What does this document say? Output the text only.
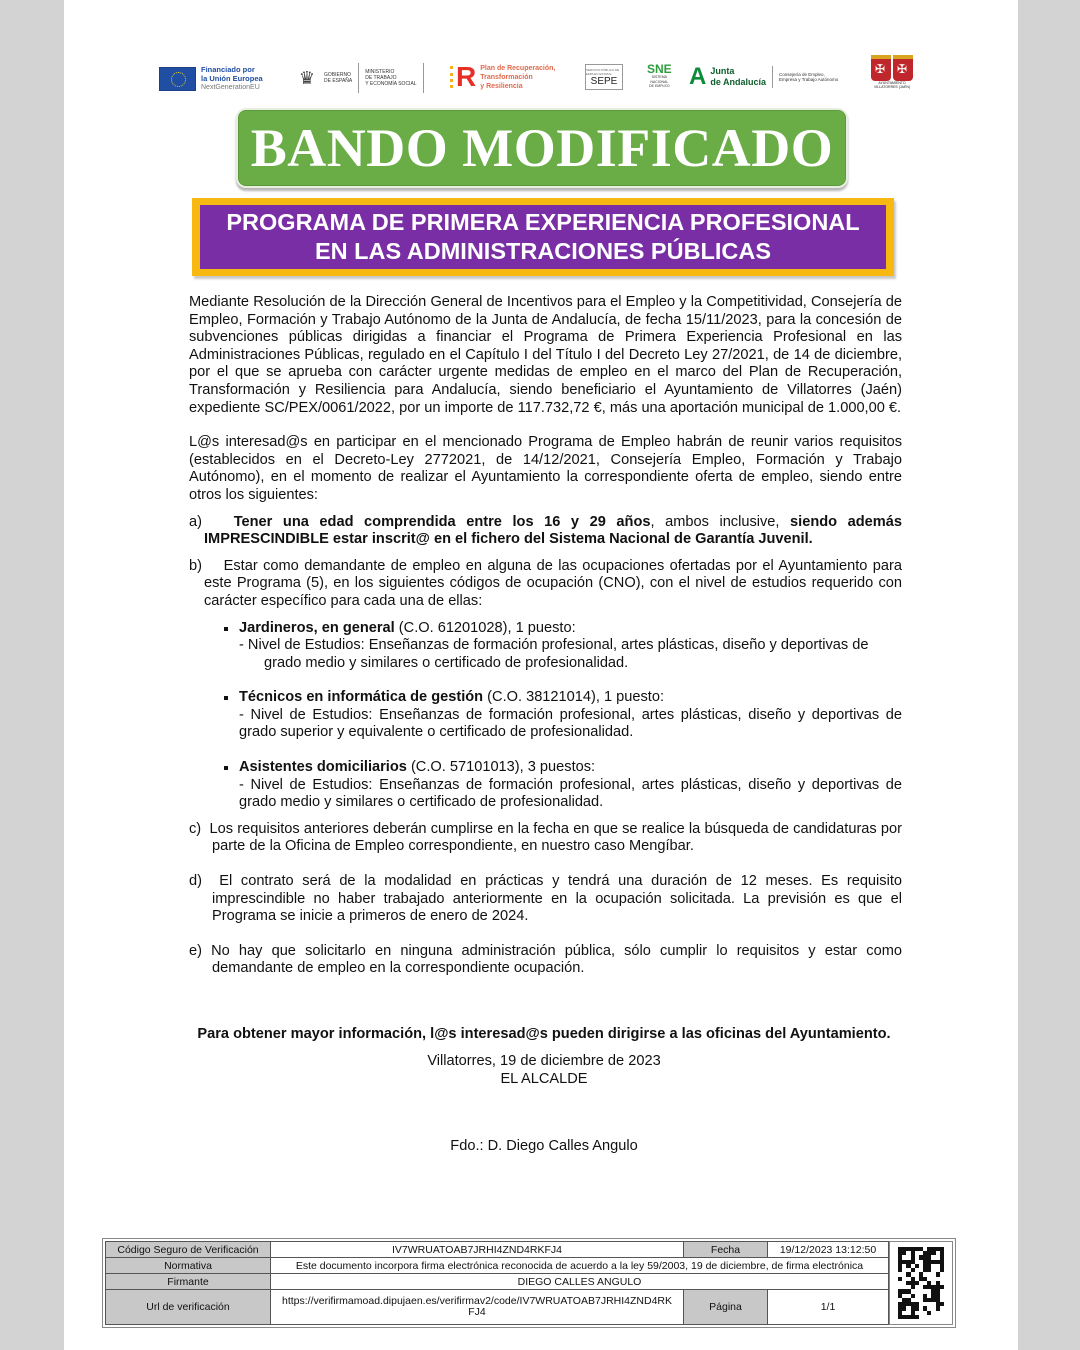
Financiado por
la Unión Europea
NextGenerationEU ♛	GOBIERNO
DE ESPAÑA
MINISTERIO
DE TRABAJO
Y ECONOMÍA SOCIAL R Plan de Recuperación,
Transformación
y Resiliencia
SERVICIO PÚBLICO DE EMPLEO ESTATAL
SEPE
SNE
SISTEMA
NACIONAL
DE EMPLEO A Junta
de Andalucía
Consejería de Empleo,
Empresa y Trabajo Autónomo
✠
✠
AYUNTAMIENTO
VILLATORRES (JAÉN)
BANDO MODIFICADO
PROGRAMA DE PRIMERA EXPERIENCIA PROFESIONAL
EN LAS ADMINISTRACIONES PÚBLICAS

Mediante Resolución de la Dirección General de Incentivos para el Empleo y la Competitividad, Consejería de Empleo, Formación y Trabajo Autónomo de la Junta de Andalucía, de fecha 15/11/2023, para la concesión de subvenciones públicas dirigidas a financiar el Programa de Primera Experiencia Profesional en las Administraciones Públicas, regulado en el Capítulo I del Título I del Decreto Ley 27/2021, de 14 de diciembre, por el que se aprueba con carácter urgente medidas de empleo en el marco del Plan de Recuperación, Transformación y Resiliencia para Andalucía, siendo beneficiario el Ayuntamiento de Villatorres (Jaén) expediente SC/PEX/0061/2022, por un importe de 117.732,72 €, más una aportación municipal de 1.000,00 €.

L@s interesad@s en participar en el mencionado Programa de Empleo habrán de reunir varios requisitos (establecidos en el Decreto-Ley 2772021, de 14/12/2021, Consejería Empleo, Formación y Trabajo Autónomo), en el momento de realizar el Ayuntamiento la correspondiente oferta de empleo, siendo entre otros los siguientes:

a) Tener una edad comprendida entre los 16 y 29 años, ambos inclusive, siendo además IMPRESCINDIBLE estar inscrit@ en el fichero del Sistema Nacional de Garantía Juvenil.

b) Estar como demandante de empleo en alguna de las ocupaciones ofertadas por el Ayuntamiento para este Programa (5), en los siguientes códigos de ocupación (CNO), con el nivel de estudios requerido con carácter específico para cada una de ellas:

Jardineros, en general (C.O. 61201028), 1 puesto:
- Nivel de Estudios: Enseñanzas de formación profesional, artes plásticas, diseño y deportivas de
grado medio y similares o certificado de profesionalidad.
Técnicos en informática de gestión (C.O. 38121014), 1 puesto:

- Nivel de Estudios: Enseñanzas de formación profesional, artes plásticas, diseño y deportivas de grado superior y equivalente o certificado de profesionalidad.

Asistentes domiciliarios (C.O. 57101013), 3 puestos:

- Nivel de Estudios: Enseñanzas de formación profesional, artes plásticas, diseño y deportivas de grado medio y similares o certificado de profesionalidad.

c) Los requisitos anteriores deberán cumplirse en la fecha en que se realice la búsqueda de candidaturas por parte de la Oficina de Empleo correspondiente, en nuestro caso Mengíbar.

d) El contrato será de la modalidad en prácticas y tendrá una duración de 12 meses. Es requisito imprescindible no haber trabajado anteriormente en la ocupación solicitada. La previsión es que el Programa se inicie a primeros de enero de 2024.

e) No hay que solicitarlo en ninguna administración pública, sólo cumplir lo requisitos y estar como demandante de empleo en la correspondiente ocupación.

Para obtener mayor información, l@s interesad@s pueden dirigirse a las oficinas del Ayuntamiento.
Villatorres, 19 de diciembre de 2023
EL ALCALDE
Fdo.: D. Diego Calles Angulo
Código Seguro de Verificación	IV7WRUATOAB7JRHI4ZND4RKFJ4	Fecha	19/12/2023 13:12:50
Normativa	Este documento incorpora firma electrónica reconocida de acuerdo a la ley 59/2003, 19 de diciembre, de firma electrónica		
Firmante	DIEGO CALLES ANGULO		
Url de verificación	https://verifirmamoad.dipujaen.es/verifirmav2/code/IV7WRUATOAB7JRHI4ZND4RK
FJ4	Página	1/1
